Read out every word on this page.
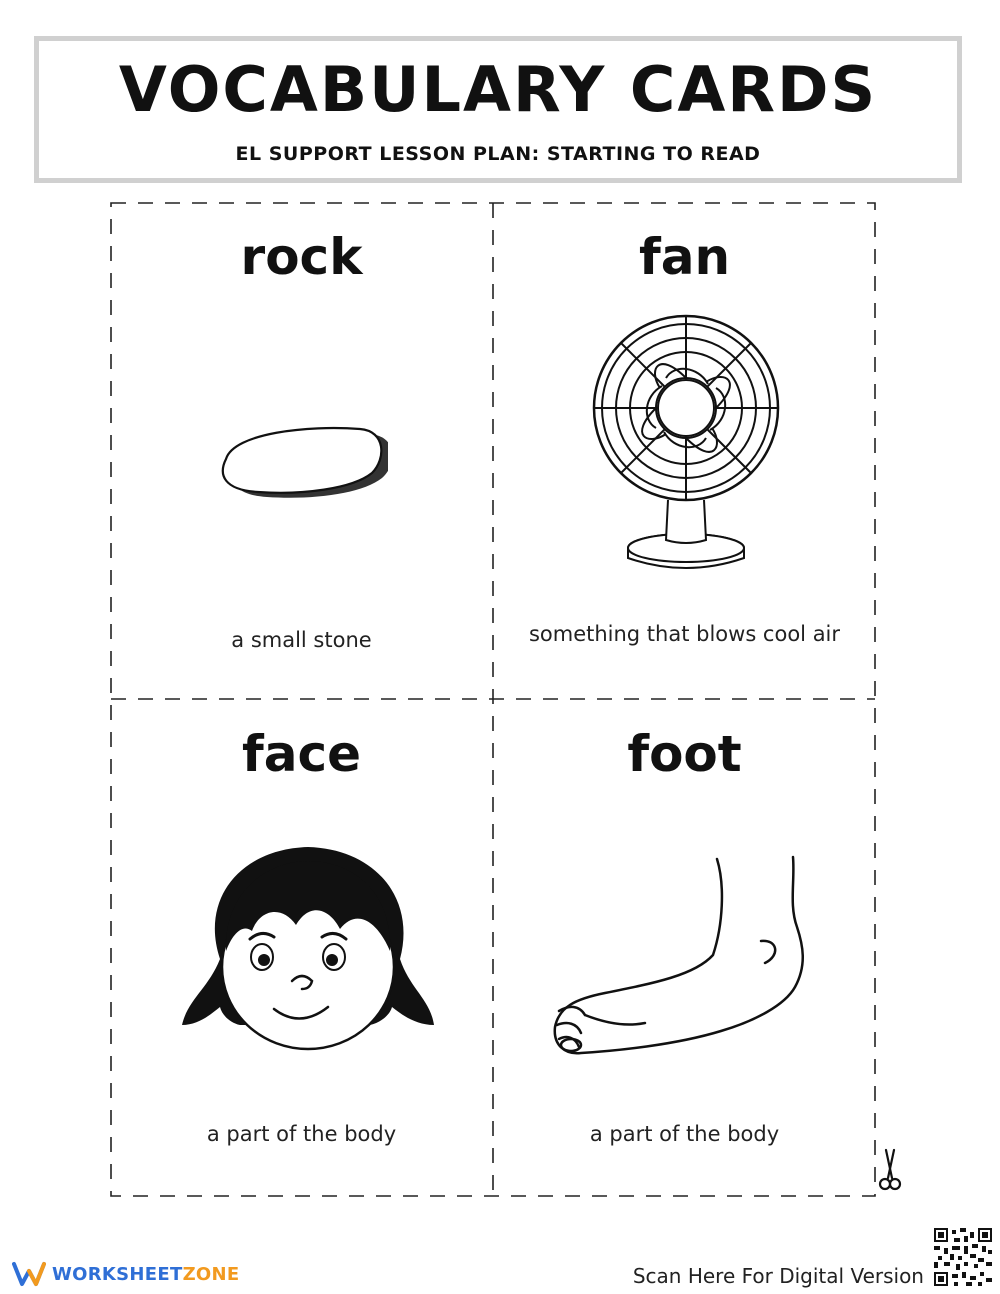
VOCABULARY CARDS
EL SUPPORT LESSON PLAN: STARTING TO READ
rock
a small stone
fan
something that blows cool air
face
a part of the body
foot
a part of the body
WORKSHEETZONE	Scan Here For Digital Version
